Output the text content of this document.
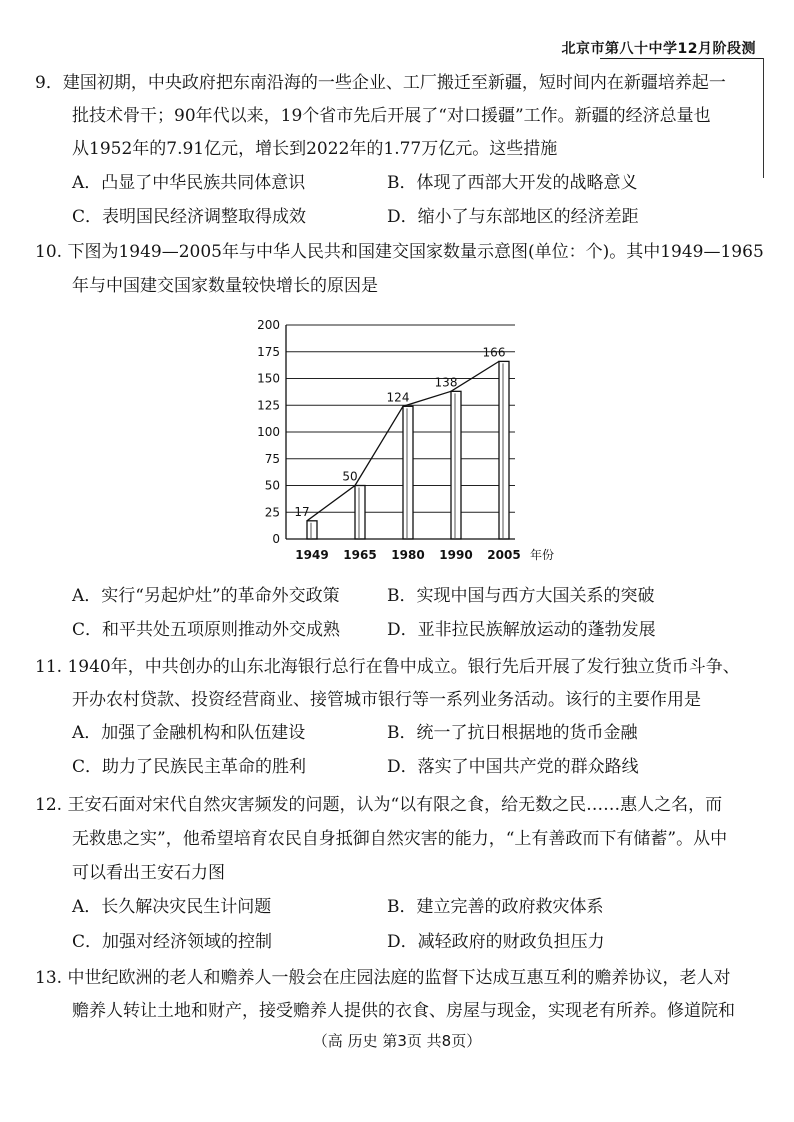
北京市第八十中学12月阶段测
9．建国初期，中央政府把东南沿海的一些企业、工厂搬迁至新疆，短时间内在新疆培养起一
批技术骨干；90年代以来，19个省市先后开展了“对口援疆”工作。新疆的经济总量也
从1952年的7.91亿元，增长到2022年的1.77万亿元。这些措施
A．凸显了中华民族共同体意识	B．体现了西部大开发的战略意义
C．表明国民经济调整取得成效	D．缩小了与东部地区的经济差距
10. 下图为1949—2005年与中华人民共和国建交国家数量示意图(单位：个)。其中1949—1965
年与中国建交国家数量较快增长的原因是
0
25
50
75
100
125
150
175
200
1949 1965 1980 1990 2005
17
50
124
138
166
年份
A．实行“另起炉灶”的革命外交政策	B．实现中国与西方大国关系的突破
C．和平共处五项原则推动外交成熟	D．亚非拉民族解放运动的蓬勃发展
11. 1940年，中共创办的山东北海银行总行在鲁中成立。银行先后开展了发行独立货币斗争、
开办农村贷款、投资经营商业、接管城市银行等一系列业务活动。该行的主要作用是
A．加强了金融机构和队伍建设	B．统一了抗日根据地的货币金融
C．助力了民族民主革命的胜利	D．落实了中国共产党的群众路线
12. 王安石面对宋代自然灾害频发的问题，认为“以有限之食，给无数之民……惠人之名，而
无救患之实”，他希望培育农民自身抵御自然灾害的能力，“上有善政而下有储蓄”。从中
可以看出王安石力图
A．长久解决灾民生计问题	B．建立完善的政府救灾体系
C．加强对经济领域的控制	D．减轻政府的财政负担压力
13. 中世纪欧洲的老人和赡养人一般会在庄园法庭的监督下达成互惠互利的赡养协议，老人对
赡养人转让土地和财产，接受赡养人提供的衣食、房屋与现金，实现老有所养。修道院和
（高 历史 第3页 共8页）
